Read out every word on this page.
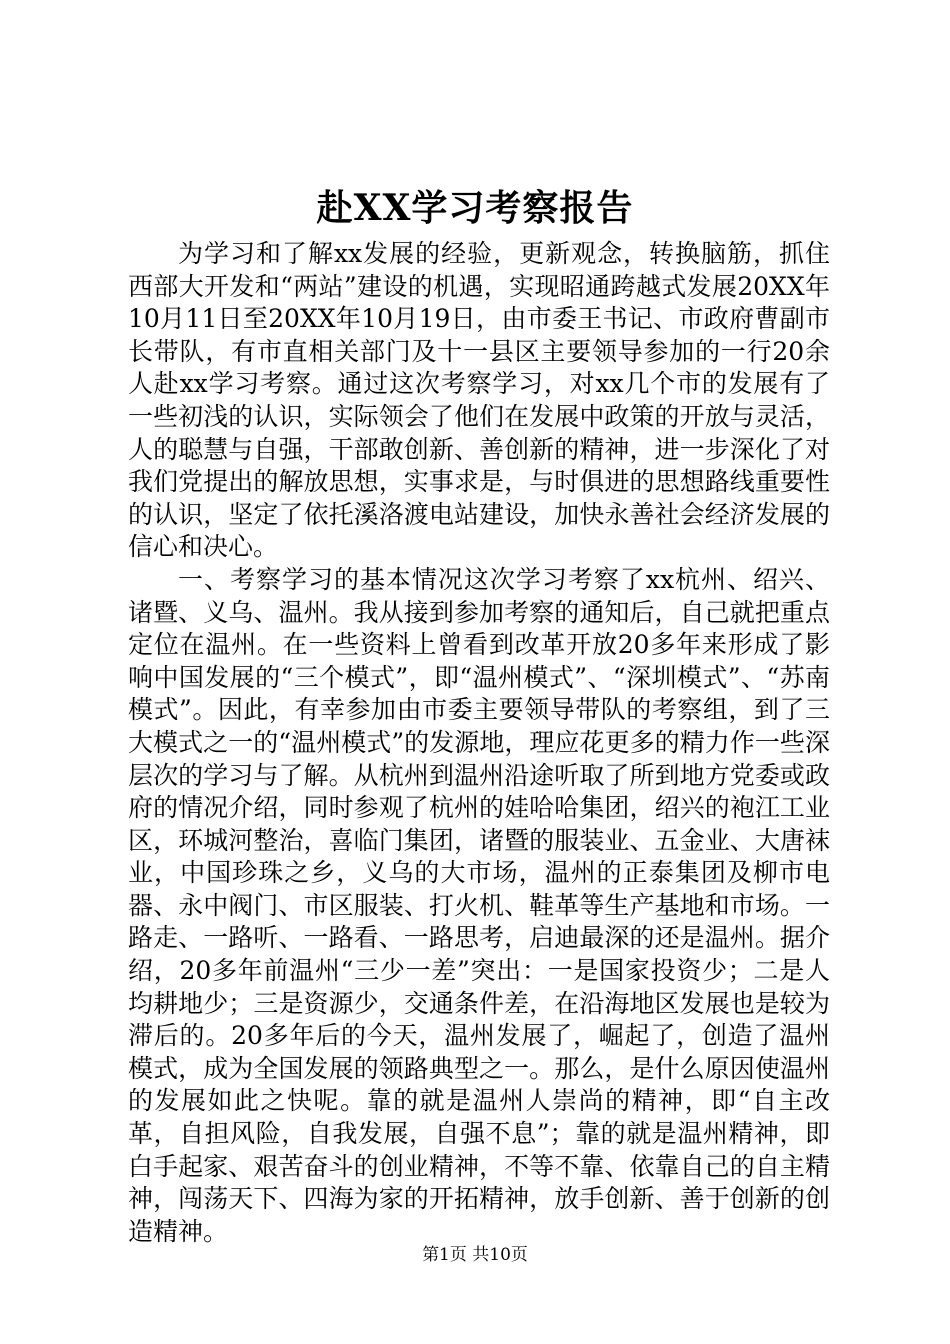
赴XX学习考察报告

为学习和了解xx发展的经验，更新观念，转换脑筋，抓住西部大开发和“两站”建设的机遇，实现昭通跨越式发展20XX年10月11日至20XX年10月19日，由市委王书记、市政府曹副市长带队，有市直相关部门及十一县区主要领导参加的一行20余人赴xx学习考察。通过这次考察学习，对xx几个市的发展有了一些初浅的认识，实际领会了他们在发展中政策的开放与灵活，人的聪慧与自强，干部敢创新、善创新的精神，进一步深化了对我们党提出的解放思想，实事求是，与时俱进的思想路线重要性的认识，坚定了依托溪洛渡电站建设，加快永善社会经济发展的信心和决心。

一、考察学习的基本情况这次学习考察了xx杭州、绍兴、诸暨、义乌、温州。我从接到参加考察的通知后，自己就把重点定位在温州。在一些资料上曾看到改革开放20多年来形成了影响中国发展的“三个模式”，即“温州模式”、“深圳模式”、“苏南模式”。因此，有幸参加由市委主要领导带队的考察组，到了三大模式之一的“温州模式”的发源地，理应花更多的精力作一些深层次的学习与了解。从杭州到温州沿途听取了所到地方党委或政府的情况介绍，同时参观了杭州的娃哈哈集团，绍兴的袍江工业区，环城河整治，喜临门集团，诸暨的服装业、五金业、大唐袜业，中国珍珠之乡，义乌的大市场，温州的正泰集团及柳市电器、永中阀门、市区服装、打火机、鞋革等生产基地和市场。一路走、一路听、一路看、一路思考，启迪最深的还是温州。据介绍，20多年前温州“三少一差”突出：一是国家投资少；二是人均耕地少；三是资源少，交通条件差，在沿海地区发展也是较为滞后的。20多年后的今天，温州发展了，崛起了，创造了温州模式，成为全国发展的领路典型之一。那么，是什么原因使温州的发展如此之快呢。靠的就是温州人崇尚的精神，即“自主改革，自担风险，自我发展，自强不息”；靠的就是温州精神，即白手起家、艰苦奋斗的创业精神，不等不靠、依靠自己的自主精神，闯荡天下、四海为家的开拓精神，放手创新、善于创新的创造精神。

第1页 共10页
